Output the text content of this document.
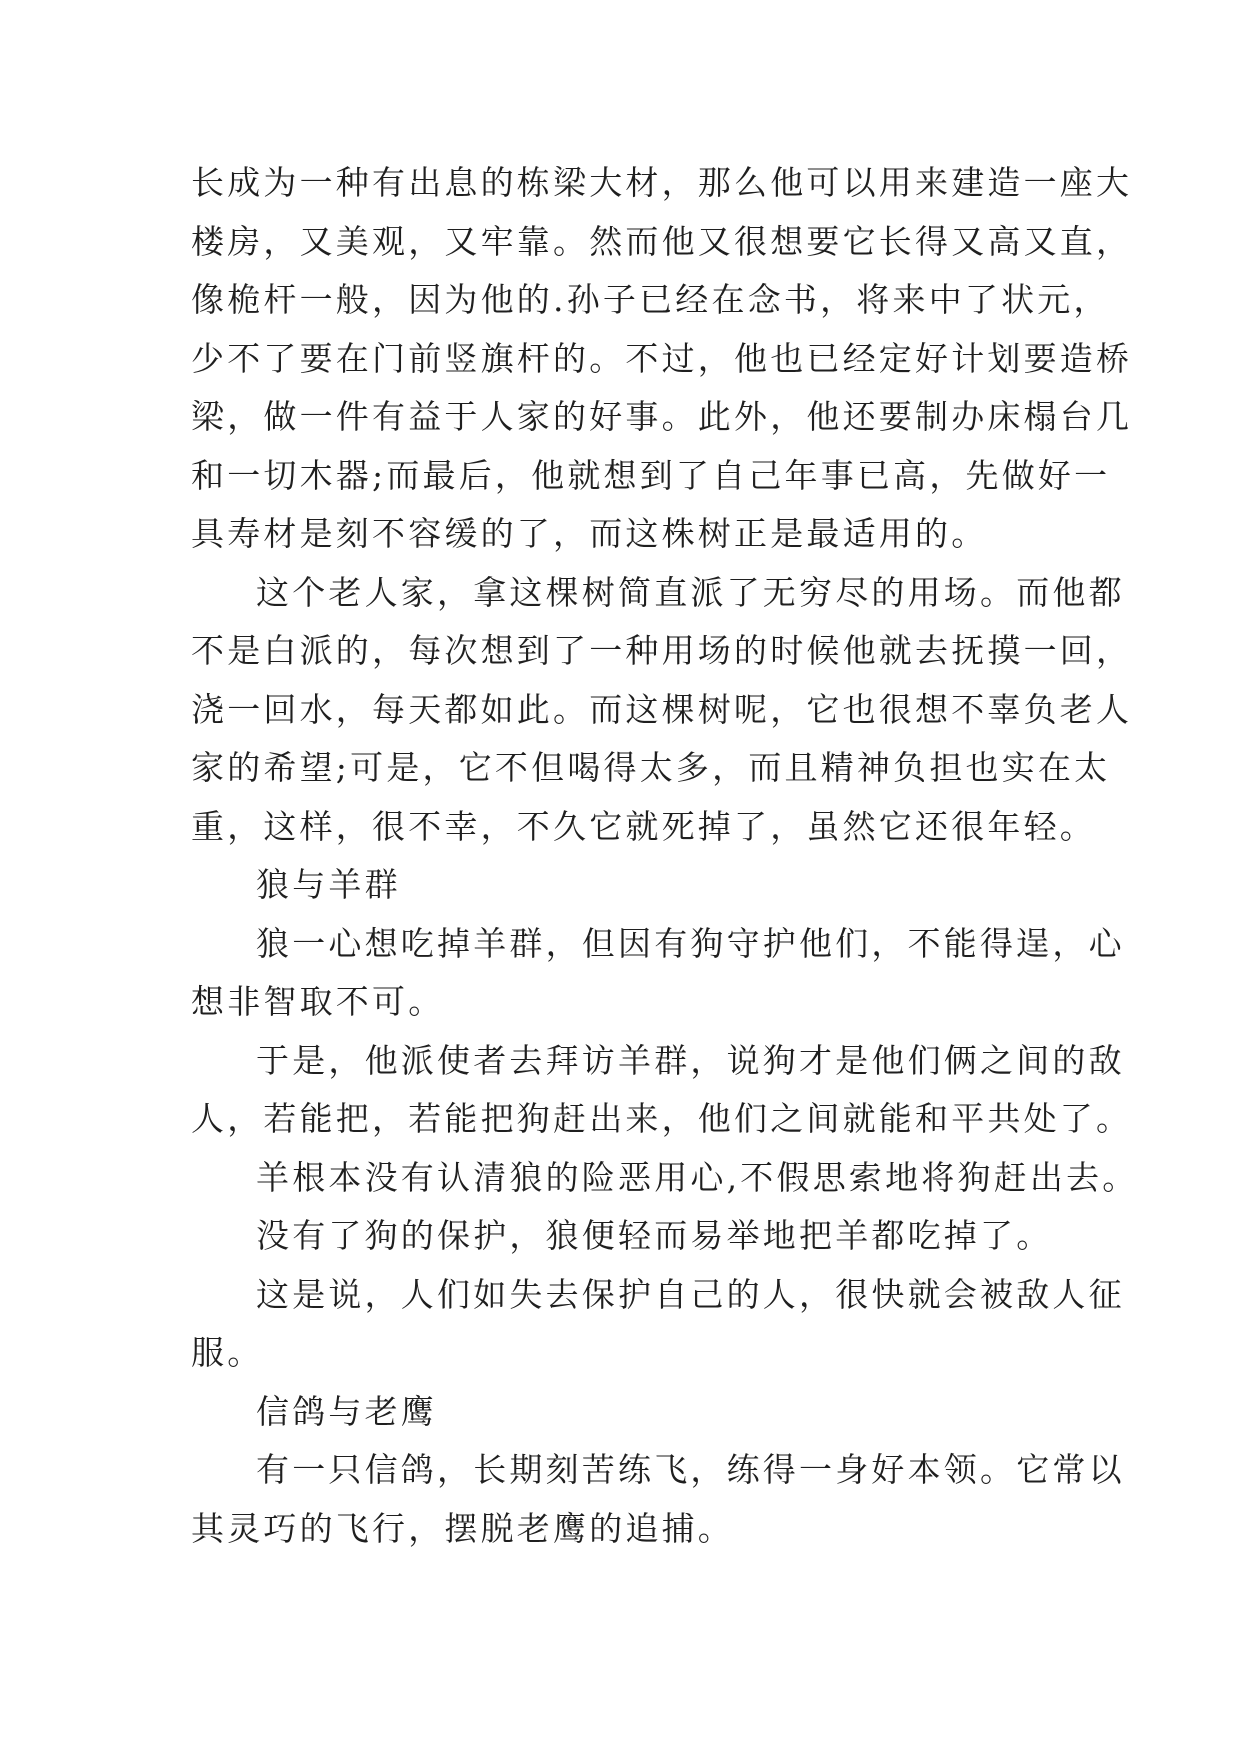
长成为一种有出息的栋梁大材，那么他可以用来建造一座大

楼房，又美观，又牢靠。然而他又很想要它长得又高又直，

像桅杆一般，因为他的.孙子已经在念书，将来中了状元，

少不了要在门前竖旗杆的。不过，他也已经定好计划要造桥

梁，做一件有益于人家的好事。此外，他还要制办床榻台几

和一切木器;而最后，他就想到了自己年事已高，先做好一

具寿材是刻不容缓的了，而这株树正是最适用的。

这个老人家，拿这棵树简直派了无穷尽的用场。而他都

不是白派的，每次想到了一种用场的时候他就去抚摸一回，

浇一回水，每天都如此。而这棵树呢，它也很想不辜负老人

家的希望;可是，它不但喝得太多，而且精神负担也实在太

重，这样，很不幸，不久它就死掉了，虽然它还很年轻。

狼与羊群

狼一心想吃掉羊群，但因有狗守护他们，不能得逞，心

想非智取不可。

于是，他派使者去拜访羊群，说狗才是他们俩之间的敌

人，若能把，若能把狗赶出来，他们之间就能和平共处了。

羊根本没有认清狼的险恶用心,不假思索地将狗赶出去。

没有了狗的保护，狼便轻而易举地把羊都吃掉了。

这是说，人们如失去保护自己的人，很快就会被敌人征

服。

信鸽与老鹰

有一只信鸽，长期刻苦练飞，练得一身好本领。它常以

其灵巧的飞行，摆脱老鹰的追捕。
